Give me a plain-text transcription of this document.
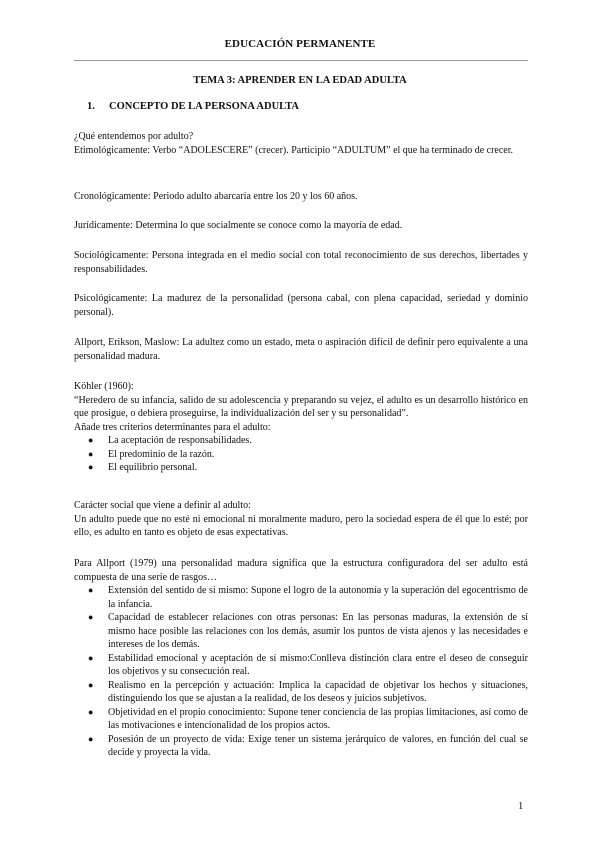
EDUCACIÓN PERMANENTE
TEMA 3: APRENDER EN LA EDAD ADULTA
1. CONCEPTO DE LA PERSONA ADULTA

¿Qué entendemos por adulto?

Etimológicamente: Verbo “ADOLESCERE” (crecer). Participio “ADULTUM” el que ha terminado de crecer.

Cronológicamente: Periodo adulto abarcaría entre los 20 y los 60 años.
Jurídicamente: Determina lo que socialmente se conoce como la mayoría de edad.
Sociológicamente: Persona integrada en el medio social con total reconocimiento de sus derechos, libertades y responsabilidades.
Psicológicamente: La madurez de la personalidad (persona cabal, con plena capacidad, seriedad y dominio personal).
Allport, Erikson, Maslow: La adultez como un estado, meta o aspiración difícil de definir pero equivalente a una personalidad madura.

Köhler (1960):

“Heredero de su infancia, salido de su adolescencia y preparando su vejez, el adulto es un desarrollo histórico en que prosigue, o debiera proseguirse, la individualización del ser y su personalidad”.

Añade tres criterios determinantes para el adulto:

● La aceptación de responsabilidades.
● El predominio de la razón.
● El equilibrio personal.

Carácter social que viene a definir al adulto:

Un adulto puede que no esté ni emocional ni moralmente maduro, pero la sociedad espera de él que lo esté; por ello, es adulto en tanto es objeto de esas expectativas.

Para Allport (1979) una personalidad madura significa que la estructura configuradora del ser adulto está compuesta de una serie de rasgos…

● Extensión del sentido de sí mismo: Supone el logro de la autonomía y la superación del egocentrismo de la infancia.
● Capacidad de establecer relaciones con otras personas: En las personas maduras, la extensión de sí mismo hace posible las relaciones con los demás, asumir los puntos de vista ajenos y las necesidades e intereses de los demás.
● Estabilidad emocional y aceptación de sí mismo:Conlleva distinción clara entre el deseo de conseguir los objetivos y su consecución real.
● Realismo en la percepción y actuación: Implica la capacidad de objetivar los hechos y situaciones, distinguiendo los que se ajustan a la realidad, de los deseos y juicios subjetivos.
● Objetividad en el propio conocimiento: Supone tener conciencia de las propias limitaciones, así como de las motivaciones e intencionalidad de los propios actos.
● Posesión de un proyecto de vida: Exige tener un sistema jerárquico de valores, en función del cual se decide y proyecta la vida.
1
